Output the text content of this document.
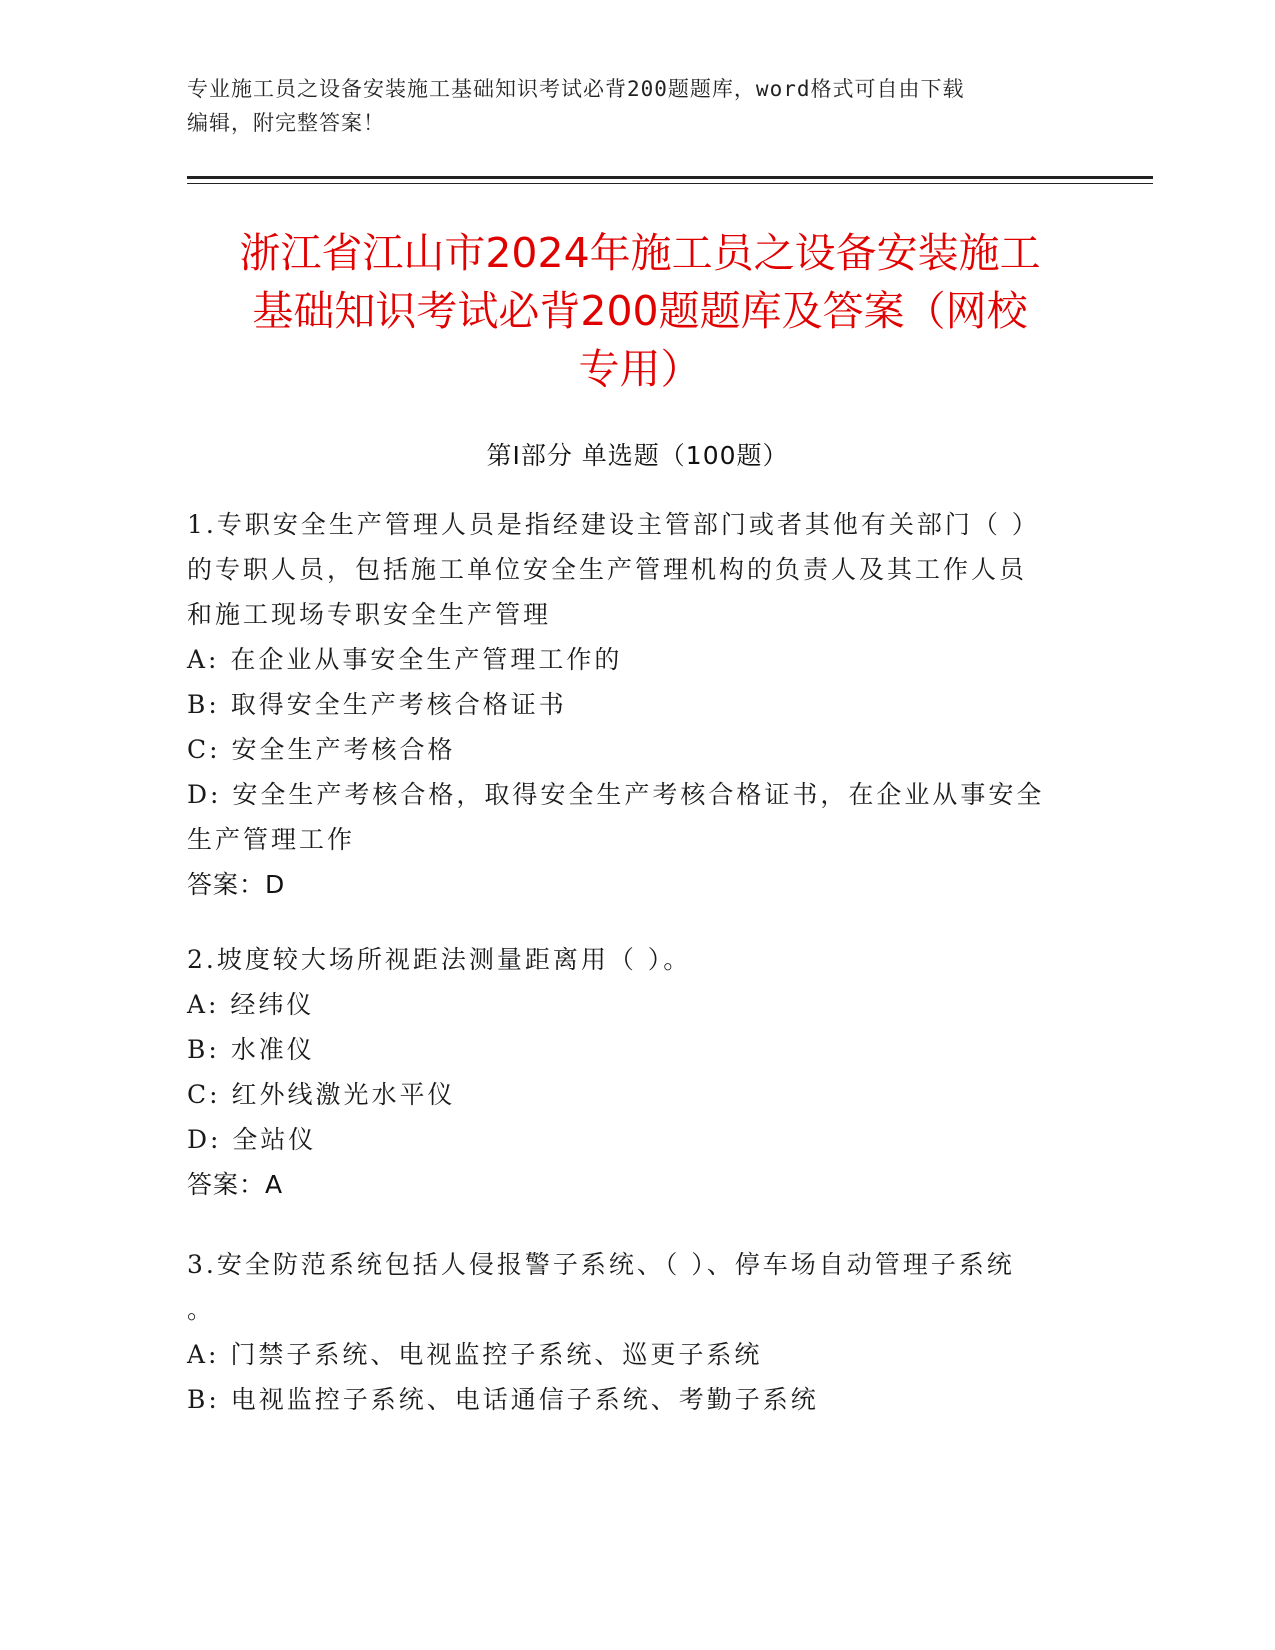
专业施工员之设备安装施工基础知识考试必背200题题库，word格式可自由下载
编辑，附完整答案！
浙江省江山市2024年施工员之设备安装施工
基础知识考试必背200题题库及答案（网校
专用）
第Ⅰ部分 单选题（100题）
1.专职安全生产管理人员是指经建设主管部门或者其他有关部门（ ）
的专职人员，包括施工单位安全生产管理机构的负责人及其工作人员
和施工现场专职安全生产管理
A: 在企业从事安全生产管理工作的
B: 取得安全生产考核合格证书
C: 安全生产考核合格
D: 安全生产考核合格，取得安全生产考核合格证书，在企业从事安全
生产管理工作
答案：D
2.坡度较大场所视距法测量距离用（ ）。
A: 经纬仪
B: 水准仪
C: 红外线激光水平仪
D: 全站仪
答案：A
3.安全防范系统包括人侵报警子系统、（ ）、停车场自动管理子系统
。
A: 门禁子系统、电视监控子系统、巡更子系统
B: 电视监控子系统、电话通信子系统、考勤子系统
